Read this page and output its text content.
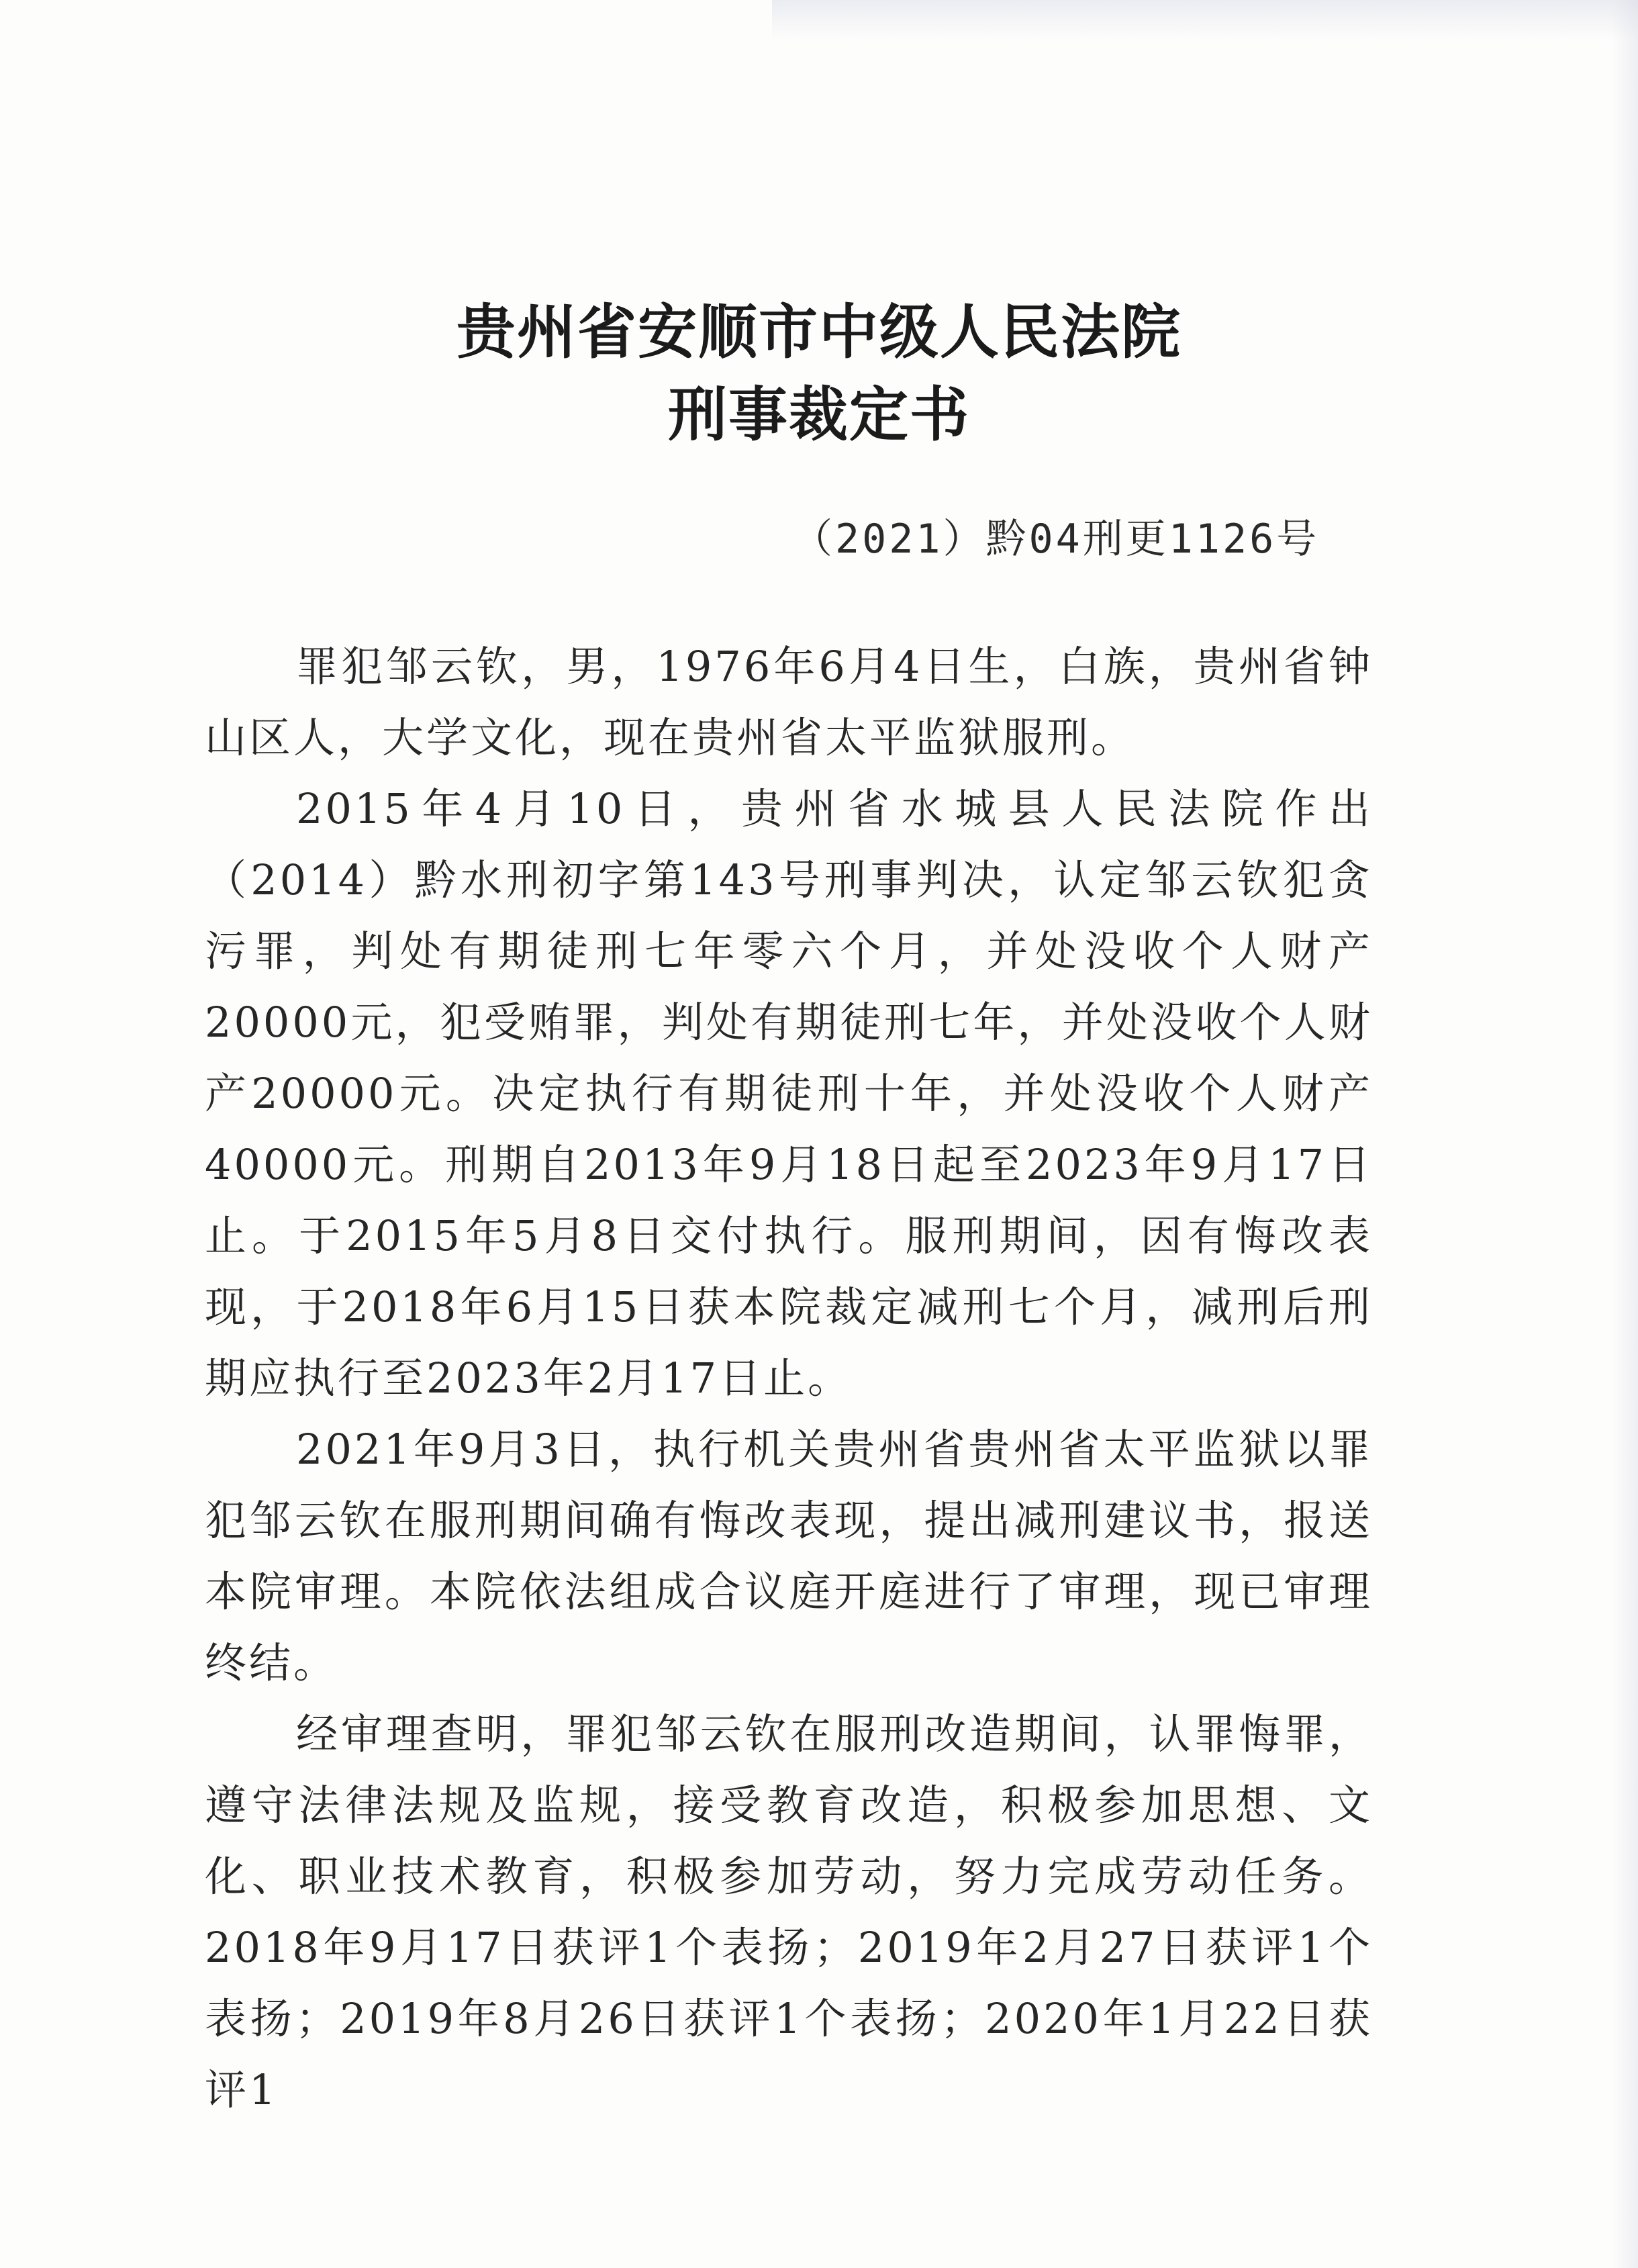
贵州省安顺市中级人民法院
刑事裁定书
（2021）黔04刑更1126号

罪犯邹云钦，男，1976年6月4日生，白族，贵州省钟山区人，大学文化，现在贵州省太平监狱服刑。

2015年4月10日，贵州省水城县人民法院作出（2014）黔水刑初字第143号刑事判决，认定邹云钦犯贪污罪，判处有期徒刑七年零六个月，并处没收个人财产20000元，犯受贿罪，判处有期徒刑七年，并处没收个人财产20000元。决定执行有期徒刑十年，并处没收个人财产40000元。刑期自2013年9月18日起至2023年9月17日止。于2015年5月8日交付执行。服刑期间，因有悔改表现，于2018年6月15日获本院裁定减刑七个月，减刑后刑期应执行至2023年2月17日止。

2021年9月3日，执行机关贵州省贵州省太平监狱以罪犯邹云钦在服刑期间确有悔改表现，提出减刑建议书，报送本院审理。本院依法组成合议庭开庭进行了审理，现已审理终结。

经审理查明，罪犯邹云钦在服刑改造期间，认罪悔罪，遵守法律法规及监规，接受教育改造，积极参加思想、文化、职业技术教育，积极参加劳动，努力完成劳动任务。2018年9月17日获评1个表扬；2019年2月27日获评1个表扬；2019年8月26日获评1个表扬；2020年1月22日获评1
